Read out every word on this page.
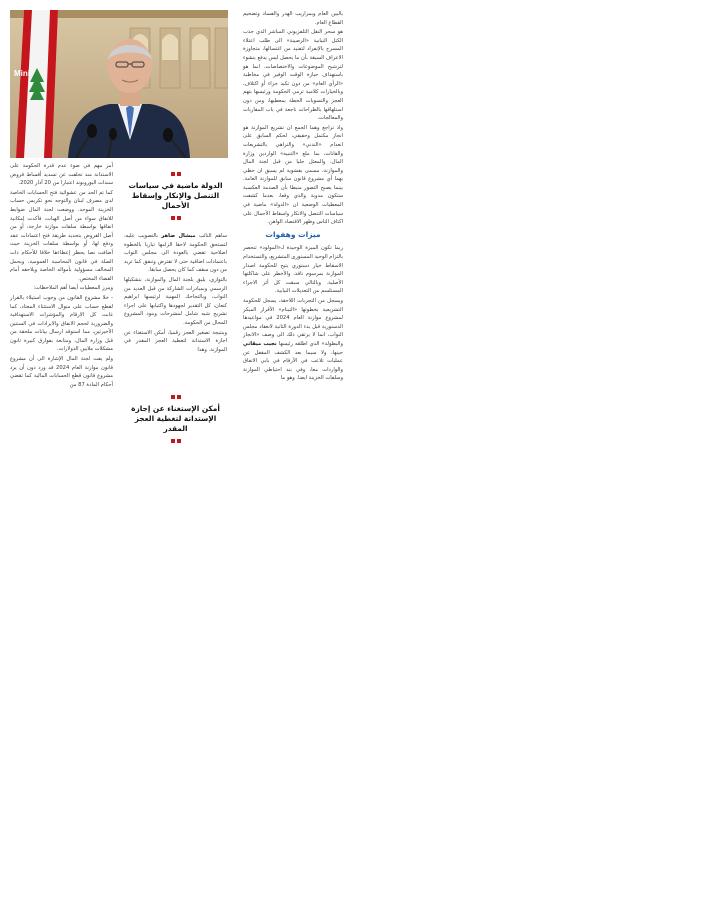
Mini

بالبين العام وبمزاريب الهدر والفساد وتضخيم القطاع العام.

هو سحر النقل التلفزيوني المباشر الذي جذب الكتل النيابية «الرصينة» الى طلب اعتلاء المسرح بالإنفراد لتفنيد من اغتسالها، متجاوزة الاعراف السيقة بأن ما يحصل ليس يدفع بنشوء لترشيح الموضوعات والاختصاصات، انما هو باستهداف حيازة الوقت الوفير في مخاطبة «الرأي العام» من دون تكبد جزاء أو اكتلاف، وبالخيارات كلامية ترمي الحكومة ورئيسها بتهم العجز والتسويات الخطة بمعطيها، ومن دون استلهاقها بالطراحات ناجعة في باب المقاربات والمعالجات.

واذ تراجع وهما الجمع ان تشريع الموازنة هو انجاز مكتمل وحقيقي، لحكم السابق على انعدام «الندني» والتراهي بالتشريعات والقانات، بما ملع «التنبيه» الواردين وزارة المال، والمعثل جليا من قبل لجنة المال والموازنة، مسمى بقشوية لم يسبق ان حظي بهما أي مشروع قانون سابق للموازنة العامة. بينما يصبح التصور منبطا بأن الصدمة العكسية ستكون مدوية والذي وقعا، بعدما كشفت المعطيات الوضعية ان «الدولة» ماضية في سياسات التنصل والانكار واسقاط الأحمال على اكتاف الناس وظهر الاقتصاد الواهن.

ميزات وهفوات

ربما تكون الميزة الوحيدة لـ«المولود» تنحصر بالتزام الوحيد المستورى المتشريع، والتستخدام الاسقاط خيار دستوري يتيح للحكومة اصدار الموازنة بمرسوم نافذ، والأخطر على شاكلتها الأصلية. وبالتالي سبقت كل أثر الاجراء المستلسم من التعديلات النيابية.

ويسجل من التجربات اللاحقة، يسجل للحكومة التشريعية بخطوتها «التبنام» الأقرار المبكر لمشروع موازنة العام 2024 في مواعيدها الدستورية قبل بدء الدورة الثانية لانعقاد مجلس النواب، انما لا يرتقي ذلك الى وصف «الانجاز والبطولة» الذي اطلقه رئيسها نجيب ميقاتي حينها، ولا سيما بعد الكشف المقفل عن عمليات تلاعب في الأرقام في بابي الانفاق والواردات معا، وفي بند احتياطي الموازنة وسلفات الخزينة ايضا. وهو ما

الدولة ماضية في سياسات التنصل والإنكار وإسقاط الأحمال

ساهم النائب ميشال ضاهر بالتصويب عليه، لتستحق الحكومة لاحقا الزامها تباريا بالخطوة اصلاحية تقضي بالعودة الى مجلس النواب باعتمادات اضافية حتى لا تقترض وتنفق كما تريد من دون سقف كما كان يحصل سابقا.

بالتوازي، يليق بلجنة المال والموازنة، بتشكيلها الرسمي وبمبادرات الشاركة من قبل العديد من النواب، وبالتجاحك المهنية لرئيسها ابراهيم كنعان، كل التقدير لجهودها واكتيابها على اجراء تشريح شبه شامل لمشرحات وبنود المشروع المحال من الحكومة.

وبنتيجة تصغير العجز رقميا، أمكن الاستغناء عن اجازة الاستدانة لتغطية العجز المقدر في الموازنة. وهذا

أمكن الإستغناء عن إجازة الإستدانة لتغطية العجز المقدر

أمر مهم في ضوء عدم قدرة الحكومة على الاستدانة منذ تخلفت عن تسديد أقساط قروض سندات اليوروبوند اعتبارا من 20 آذار 2020.

كما تم الحد من عشوائية فتح الحسابات الخاصة لدى مصرف لبنان والتوجه نحو تكريس حساب الخزينة الموحد. ووضعت لجنة المال ضوابط للانفاق سواء من أصل الهبات، فأكدت إمكانية انفاقها بواسطة سلفات موازنة خارجة، أو من أصل القروض بتحديد طريقة فتح اعتمادات عقد ودفع لها، أو بواسطة سلفات الخزينة حيث أضافت نصا يحظر إعطاءها خلافا للأحكام ذات الصلة في قانون المحاسبة العمومية، ويحمل المخالف مسؤولية بأمواله الخاصة ويلاحقه أمام القضاء المختص.

ويبرز المعطيات أيضا أهم الملاحظات:

- خلا مشروع القانون من وجوب استيلاء بالقرار لقطع حساب على منوال الاستثناء المعتاد، كما غابت كل الارقام والمؤشرات الاستهدافية والضرورية لحجم الانفاق والايرادات في السنتين الأخيرتين، مما استوقد ارسال بيانات ملحقة من قبل وزارة المال، ومتابعة بفوارق كبيرة ثانون مشكلات ملايين الدولارات.

ولم يفت لجنة المال الإشارة الى أن مشروع قانون موازنة العام 2024 قد ورد دون أن يرد مشروع قانون قطع الحسابات المالية كما تقضي أحكام المادة 87 من
